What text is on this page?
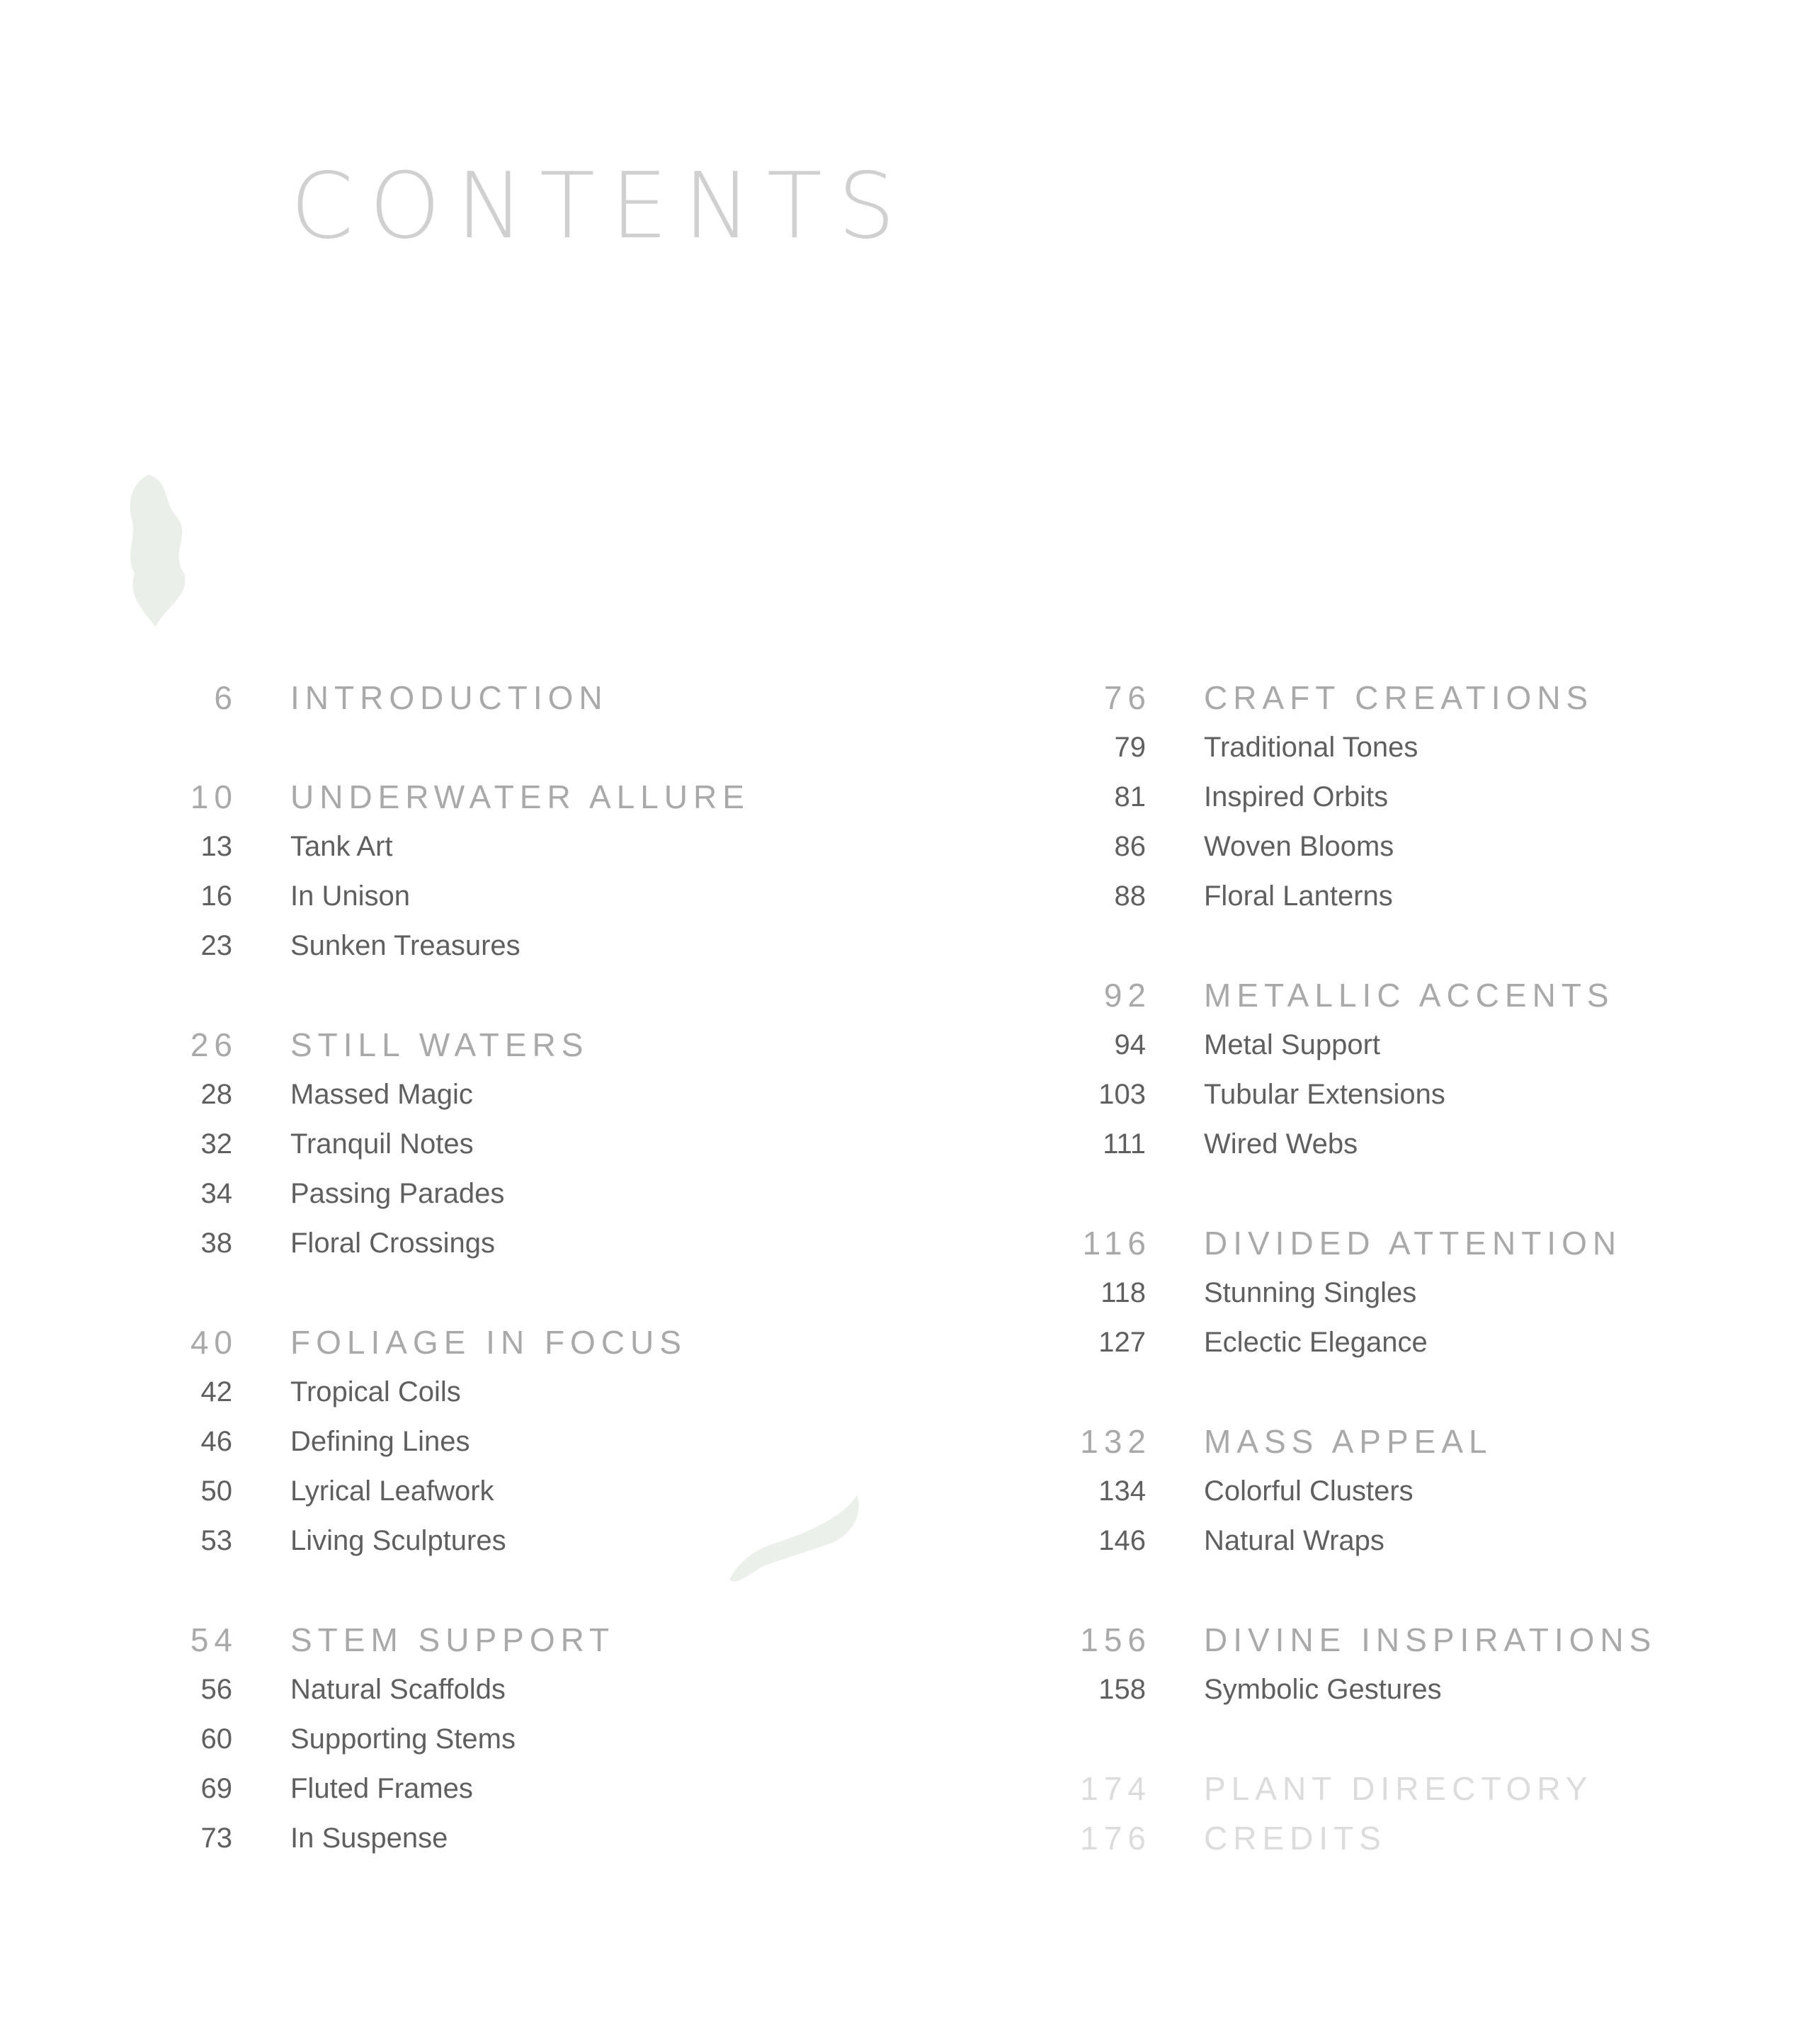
CONTENTS
6 INTRODUCTION
10 UNDERWATER ALLURE
13 Tank Art
16 In Unison
23 Sunken Treasures
26 STILL WATERS
28 Massed Magic
32 Tranquil Notes
34 Passing Parades
38 Floral Crossings
40 FOLIAGE IN FOCUS
42 Tropical Coils
46 Defining Lines
50 Lyrical Leafwork
53 Living Sculptures
54 STEM SUPPORT
56 Natural Scaffolds
60 Supporting Stems
69 Fluted Frames
73 In Suspense
76 CRAFT CREATIONS
79 Traditional Tones
81 Inspired Orbits
86 Woven Blooms
88 Floral Lanterns
92 METALLIC ACCENTS
94 Metal Support
103 Tubular Extensions
111 Wired Webs
116 DIVIDED ATTENTION
118 Stunning Singles
127 Eclectic Elegance
132 MASS APPEAL
134 Colorful Clusters
146 Natural Wraps
156 DIVINE INSPIRATIONS
158 Symbolic Gestures
174 PLANT DIRECTORY
176 CREDITS
